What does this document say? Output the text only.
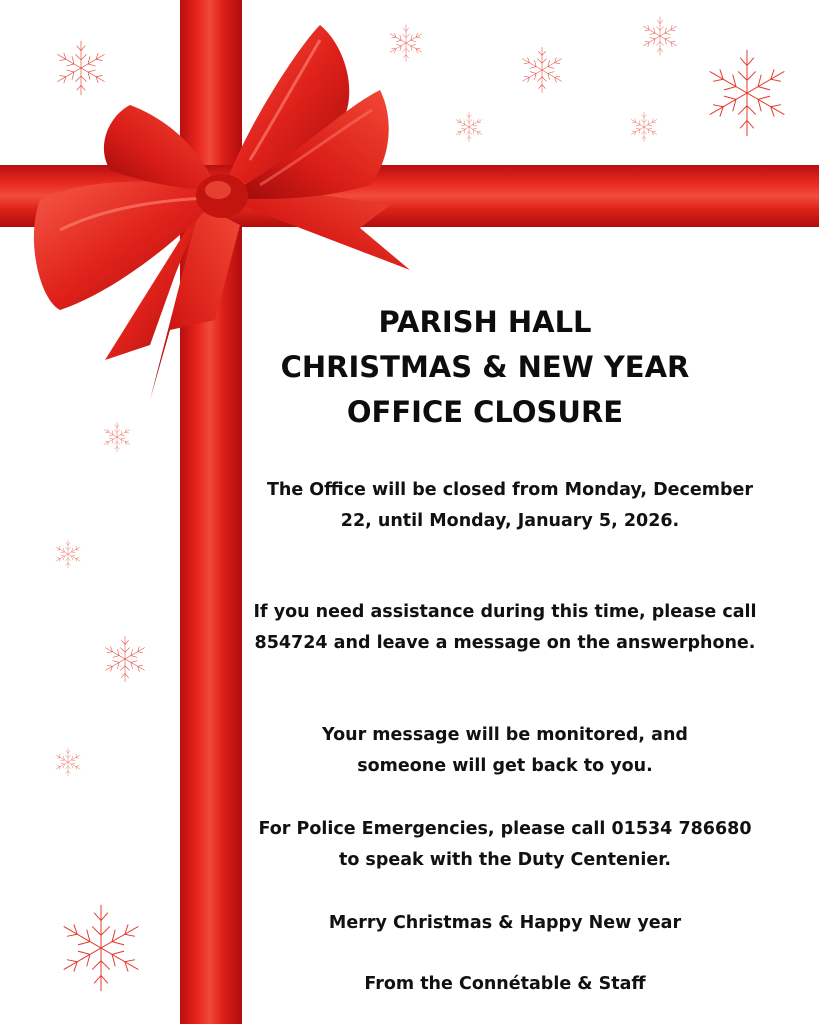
PARISH HALL
CHRISTMAS & NEW YEAR
OFFICE CLOSURE

The Office will be closed from Monday, December 22, until Monday, January 5, 2026.

If you need assistance during this time, please call 854724 and leave a message on the answerphone.

Your message will be monitored, and someone will get back to you.

For Police Emergencies, please call 01534 786680 to speak with the Duty Centenier.

Merry Christmas & Happy New year

From the Connétable & Staff
